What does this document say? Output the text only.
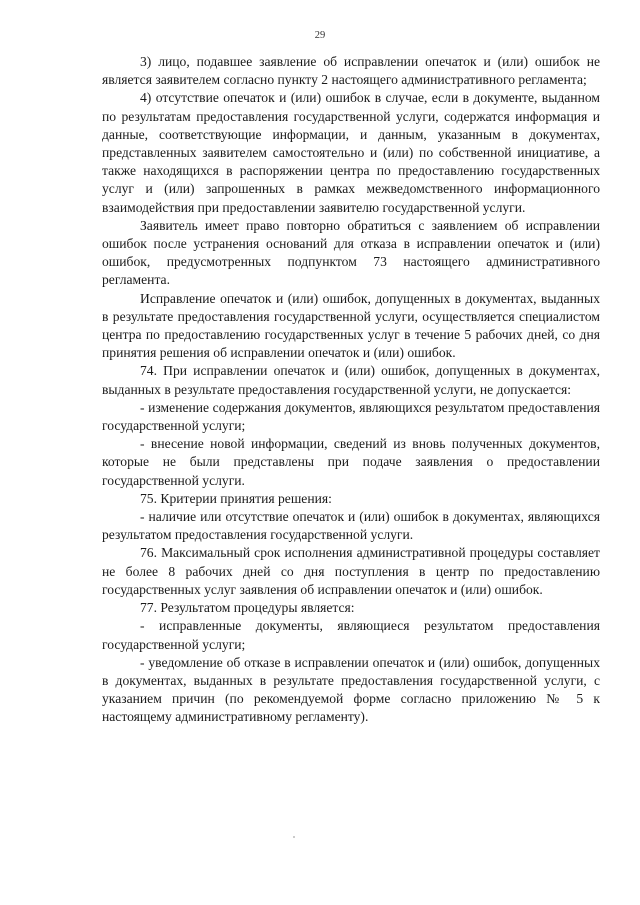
29

3) лицо, подавшее заявление об исправлении опечаток и (или) ошибок не является заявителем согласно пункту 2 настоящего административного регламента;

4) отсутствие опечаток и (или) ошибок в случае, если в документе, выданном по результатам предоставления государственной услуги, содержатся информация и данные, соответствующие информации, и данным, указанным в документах, представленных заявителем самостоятельно и (или) по собственной инициативе, а также находящихся в распоряжении центра по предоставлению государственных услуг и (или) запрошенных в рамках межведомственного информационного взаимодействия при предоставлении заявителю государственной услуги.

Заявитель имеет право повторно обратиться с заявлением об исправлении ошибок после устранения оснований для отказа в исправлении опечаток и (или) ошибок, предусмотренных подпунктом 73 настоящего административного регламента.

Исправление опечаток и (или) ошибок, допущенных в документах, выданных в результате предоставления государственной услуги, осуществляется специалистом центра по предоставлению государственных услуг в течение 5 рабочих дней, со дня принятия решения об исправлении опечаток и (или) ошибок.

74. При исправлении опечаток и (или) ошибок, допущенных в документах, выданных в результате предоставления государственной услуги, не допускается:

- изменение содержания документов, являющихся результатом предоставления государственной услуги;

- внесение новой информации, сведений из вновь полученных документов, которые не были представлены при подаче заявления о предоставлении государственной услуги.

75. Критерии принятия решения:

- наличие или отсутствие опечаток и (или) ошибок в документах, являющихся результатом предоставления государственной услуги.

76. Максимальный срок исполнения административной процедуры составляет не более 8 рабочих дней со дня поступления в центр по предоставлению государственных услуг заявления об исправлении опечаток и (или) ошибок.

77. Результатом процедуры является:

- исправленные документы, являющиеся результатом предоставления государственной услуги;

- уведомление об отказе в исправлении опечаток и (или) ошибок, допущенных в документах, выданных в результате предоставления государственной услуги, с указанием причин (по рекомендуемой форме согласно приложению № 5 к настоящему административному регламенту).
